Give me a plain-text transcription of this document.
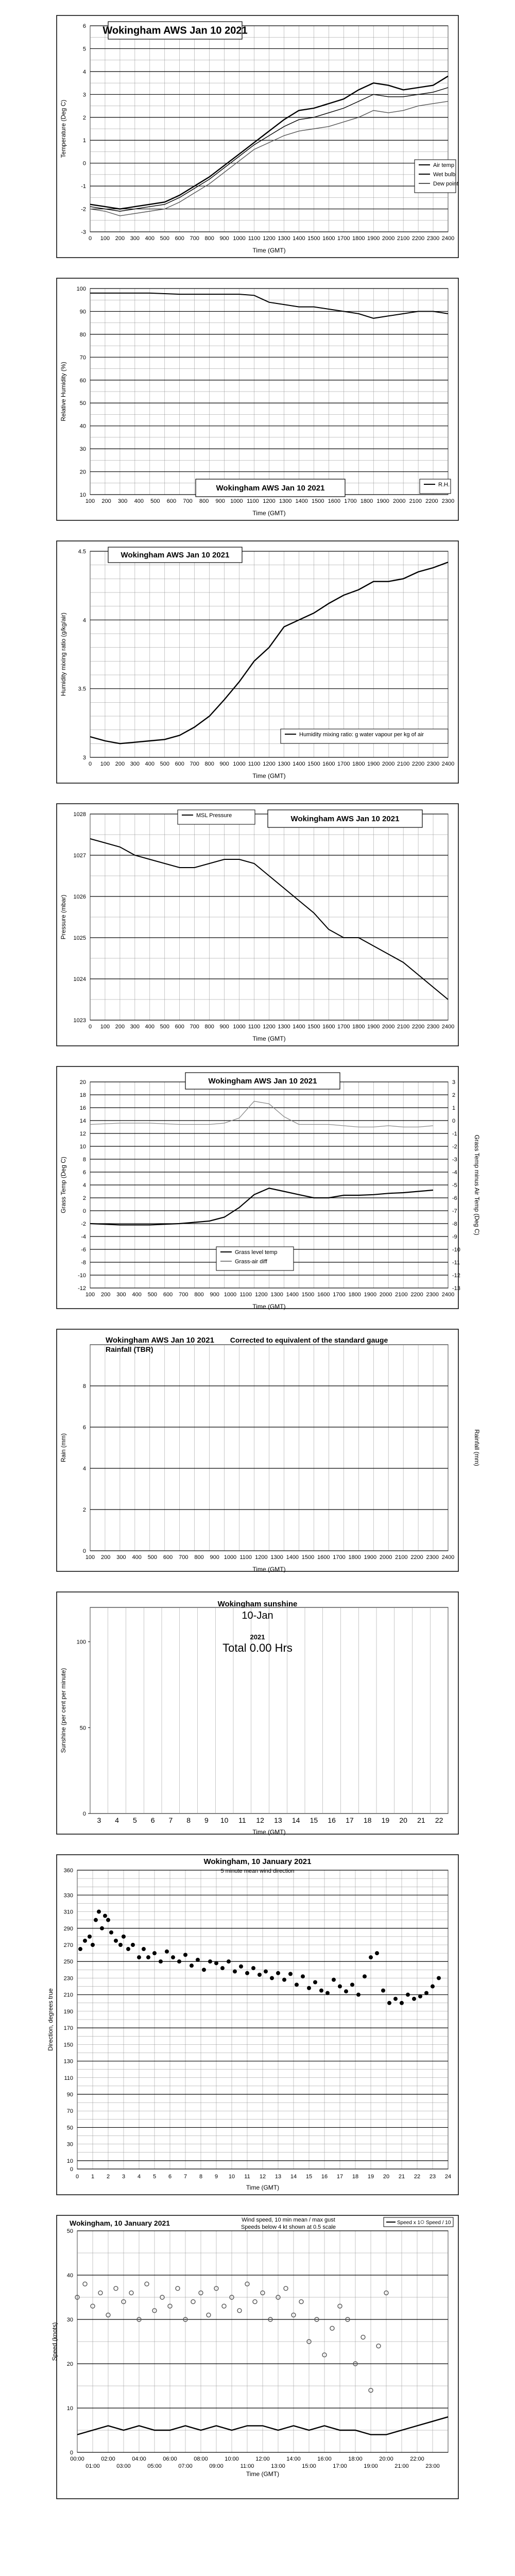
-3
-2
-1
0
1
2
3
4
5
6
0 100 200 300 400 500 600 700 800 900 1000 1100 1200 1300 1400 1500 1600 1700 1800 1900 2000 2100 2200 2300 2400
Time (GMT)
Temperature (Deg C)
Wokingham AWS Jan 10 2021
Air temp
Wet bulb
Dew point
10
20
30
40
50
60
70
80
90
100
100 200 300 400 500 600 700 800 900 1000 1100 1200 1300 1400 1500 1600 1700 1800 1900 2000 2100 2200 2300
Time (GMT)
Relative Humidity (%)
Wokingham AWS Jan 10 2021	R.H.
3
3.5
4
4.5
0 100 200 300 400 500 600 700 800 900 1000 1100 1200 1300 1400 1500 1600 1700 1800 1900 2000 2100 2200 2300 2400
Time (GMT)
Humidity mixing ratio (g/kg/air)
Wokingham AWS Jan 10 2021
Humidity mixing ratio: g water vapour per kg of air
1023
1024
1025
1026
1027
1028
0 100 200 300 400 500 600 700 800 900 1000 1100 1200 1300 1400 1500 1600 1700 1800 1900 2000 2100 2200 2300 2400
Time (GMT)
Pressure (mbar)
Wokingham AWS Jan 10 2021
MSL Pressure
-12
-10
-8
-6
-4
-2
0
2
4
6
8
10
12
14
16
18
20
-13
-12
-11
-10
-9
-8
-7
-6
-5
-4
-3
-2
-1
0
1
2
3
100 200 300 400 500 600 700 800 900 1000 1100 1200 1300 1400 1500 1600 1700 1800 1900 2000 2100 2200 2300 2400
Time (GMT)
Grass Temp (Deg C)	Grass Temp minus Air Temp (Deg C)
Wokingham AWS Jan 10 2021
Grass level temp
Grass-air diff
0
2
4
6
8
100 200 300 400 500 600 700 800 900 1000 1100 1200 1300 1400 1500 1600 1700 1800 1900 2000 2100 2200 2300 2400
Time (GMT)
Rain (mm)	Rainfall (mm)
Wokingham AWS Jan 10 2021
Rainfall (TBR)
Corrected to equivalent of the standard gauge
0
50
100
3 4 5 6 7 8 9 10 11 12 13 14 15 16 17 18 19 20 21 22
Time (GMT)
Sunshine (per cent per minute)
Wokingham sunshine
10-Jan
2021
Total 0.00 Hrs
0
10
30
50
70
90
110
130
150
170
190
210
230
250
270
290
310
330
360
0 1 2 3 4 5 6 7 8 9 10 11 12 13 14 15 16 17 18 19 20 21 22 23 24
Time (GMT)
Direction, degrees true
Wokingham, 10 January 2021
5 minute mean wind direction
0
10
20
30
40
50
00:00	02:00	04:00	06:00	08:00	10:00	12:00	14:00	16:00	18:00	20:00	22:00
01:00	03:00	05:00	07:00	09:00	11:00	13:00	15:00	17:00	19:00	21:00	23:00
Time (GMT)
Speed (knots)
Wokingham, 10 January 2021	Wind speed, 10 min mean / max gust
Speeds below 4 kt shown at 0.5 scale
Speed x 1 Speed / 10
